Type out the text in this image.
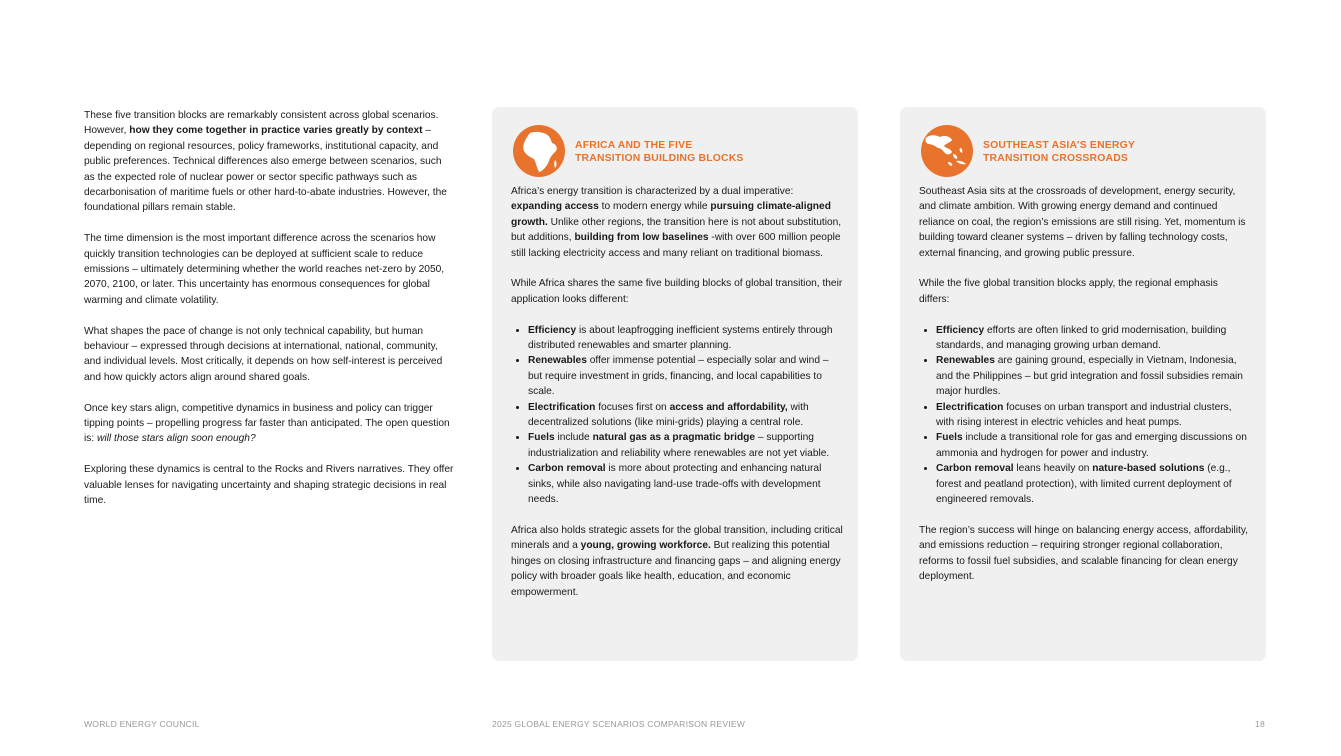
These five transition blocks are remarkably consistent across global scenarios. However, how they come together in practice varies greatly by context – depending on regional resources, policy frameworks, institutional capacity, and public preferences. Technical differences also emerge between scenarios, such as the expected role of nuclear power or sector specific pathways such as decarbonisation of maritime fuels or other hard-to-abate industries. However, the foundational pillars remain stable.

The time dimension is the most important difference across the scenarios how quickly transition technologies can be deployed at sufficient scale to reduce emissions – ultimately determining whether the world reaches net-zero by 2050, 2070, 2100, or later. This uncertainty has enormous consequences for global warming and climate volatility.

What shapes the pace of change is not only technical capability, but human behaviour – expressed through decisions at international, national, community, and individual levels. Most critically, it depends on how self-interest is perceived and how quickly actors align around shared goals.

Once key stars align, competitive dynamics in business and policy can trigger tipping points – propelling progress far faster than anticipated. The open question is: will those stars align soon enough?

Exploring these dynamics is central to the Rocks and Rivers narratives. They offer valuable lenses for navigating uncertainty and shaping strategic decisions in real time.

AFRICA AND THE FIVE
TRANSITION BUILDING BLOCKS

Africa’s energy transition is characterized by a dual imperative: expanding access to modern energy while pursuing climate-aligned growth. Unlike other regions, the transition here is not about substitution, but additions, building from low baselines -with over 600 million people still lacking electricity access and many reliant on traditional biomass.

While Africa shares the same five building blocks of global transition, their application looks different:

• Efficiency is about leapfrogging inefficient systems entirely through distributed renewables and smarter planning.
• Renewables offer immense potential – especially solar and wind – but require investment in grids, financing, and local capabilities to scale.
• Electrification focuses first on access and affordability, with decentralized solutions (like mini-grids) playing a central role.
• Fuels include natural gas as a pragmatic bridge – supporting industrialization and reliability where renewables are not yet viable.
• Carbon removal is more about protecting and enhancing natural sinks, while also navigating land-use trade-offs with development needs.

Africa also holds strategic assets for the global transition, including critical minerals and a young, growing workforce. But realizing this potential hinges on closing infrastructure and financing gaps – and aligning energy policy with broader goals like health, education, and economic empowerment.

SOUTHEAST ASIA’S ENERGY
TRANSITION CROSSROADS

Southeast Asia sits at the crossroads of development, energy security, and climate ambition. With growing energy demand and continued reliance on coal, the region’s emissions are still rising. Yet, momentum is building toward cleaner systems – driven by falling technology costs, external financing, and growing public pressure.

While the five global transition blocks apply, the regional emphasis differs:

• Efficiency efforts are often linked to grid modernisation, building standards, and managing growing urban demand.
• Renewables are gaining ground, especially in Vietnam, Indonesia, and the Philippines – but grid integration and fossil subsidies remain major hurdles.
• Electrification focuses on urban transport and industrial clusters, with rising interest in electric vehicles and heat pumps.
• Fuels include a transitional role for gas and emerging discussions on ammonia and hydrogen for power and industry.
• Carbon removal leans heavily on nature-based solutions (e.g., forest and peatland protection), with limited current deployment of engineered removals.

The region’s success will hinge on balancing energy access, affordability, and emissions reduction – requiring stronger regional collaboration, reforms to fossil fuel subsidies, and scalable financing for clean energy deployment.

WORLD ENERGY COUNCIL	2025 GLOBAL ENERGY SCENARIOS COMPARISON REVIEW	18
